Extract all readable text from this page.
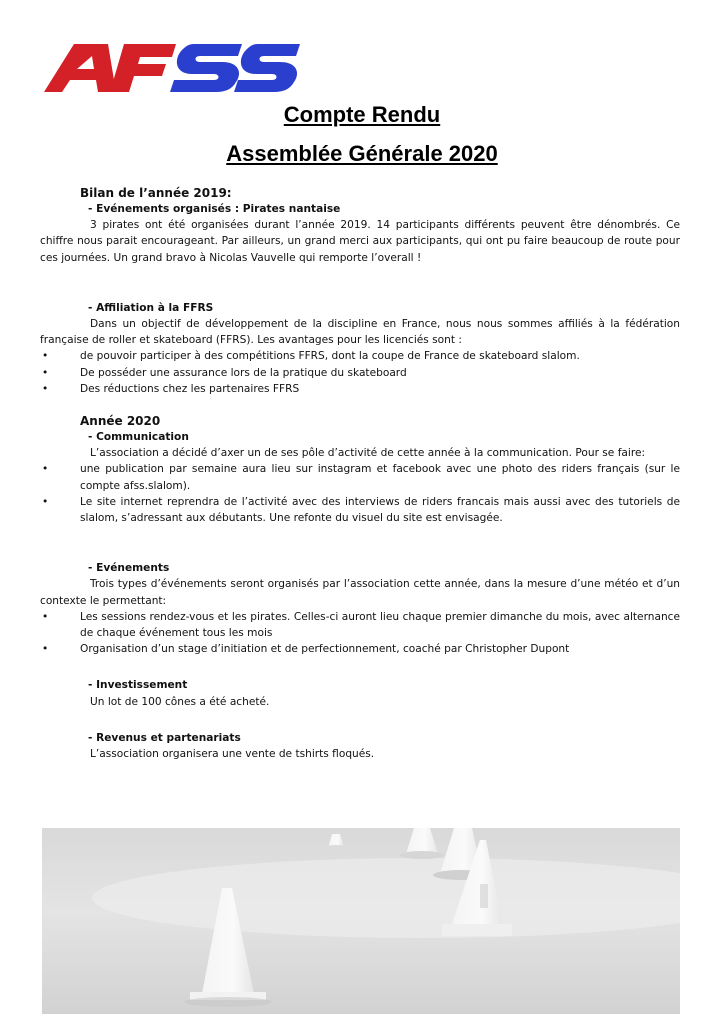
Compte Rendu
Assemblée Générale 2020
Bilan de l’année 2019:
- Evénements organisés : Pirates nantaise

3 pirates ont été organisées durant l’année 2019. 14 participants différents peuvent être dénombrés. Ce chiffre nous parait encourageant. Par ailleurs, un grand merci aux participants, qui ont pu faire beaucoup de route pour ces journées. Un grand bravo à Nicolas Vauvelle qui remporte l’overall !

- Affiliation à la FFRS

Dans un objectif de développement de la discipline en France, nous nous sommes affiliés à la fédération française de roller et skateboard (FFRS). Les avantages pour les licenciés sont :

• de pouvoir participer à des compétitions FFRS, dont la coupe de France de skateboard slalom.
• De posséder une assurance lors de la pratique du skateboard
• Des réductions chez les partenaires FFRS
Année 2020
- Communication

L’association a décidé d’axer un de ses pôle d’activité de cette année à la communication. Pour se faire:

• une publication par semaine aura lieu sur instagram et facebook avec une photo des riders français (sur le compte afss.slalom).
• Le site internet reprendra de l’activité avec des interviews de riders francais mais aussi avec des tutoriels de slalom, s’adressant aux débutants. Une refonte du visuel du site est envisagée.
- Evénements

Trois types d’événements seront organisés par l’association cette année, dans la mesure d’une météo et d’un contexte le permettant:

• Les sessions rendez-vous et les pirates. Celles-ci auront lieu chaque premier dimanche du mois, avec alternance de chaque événement tous les mois
• Organisation d’un stage d’initiation et de perfectionnement, coaché par Christopher Dupont
- Investissement

Un lot de 100 cônes a été acheté.

- Revenus et partenariats

L’association organisera une vente de tshirts floqués.
